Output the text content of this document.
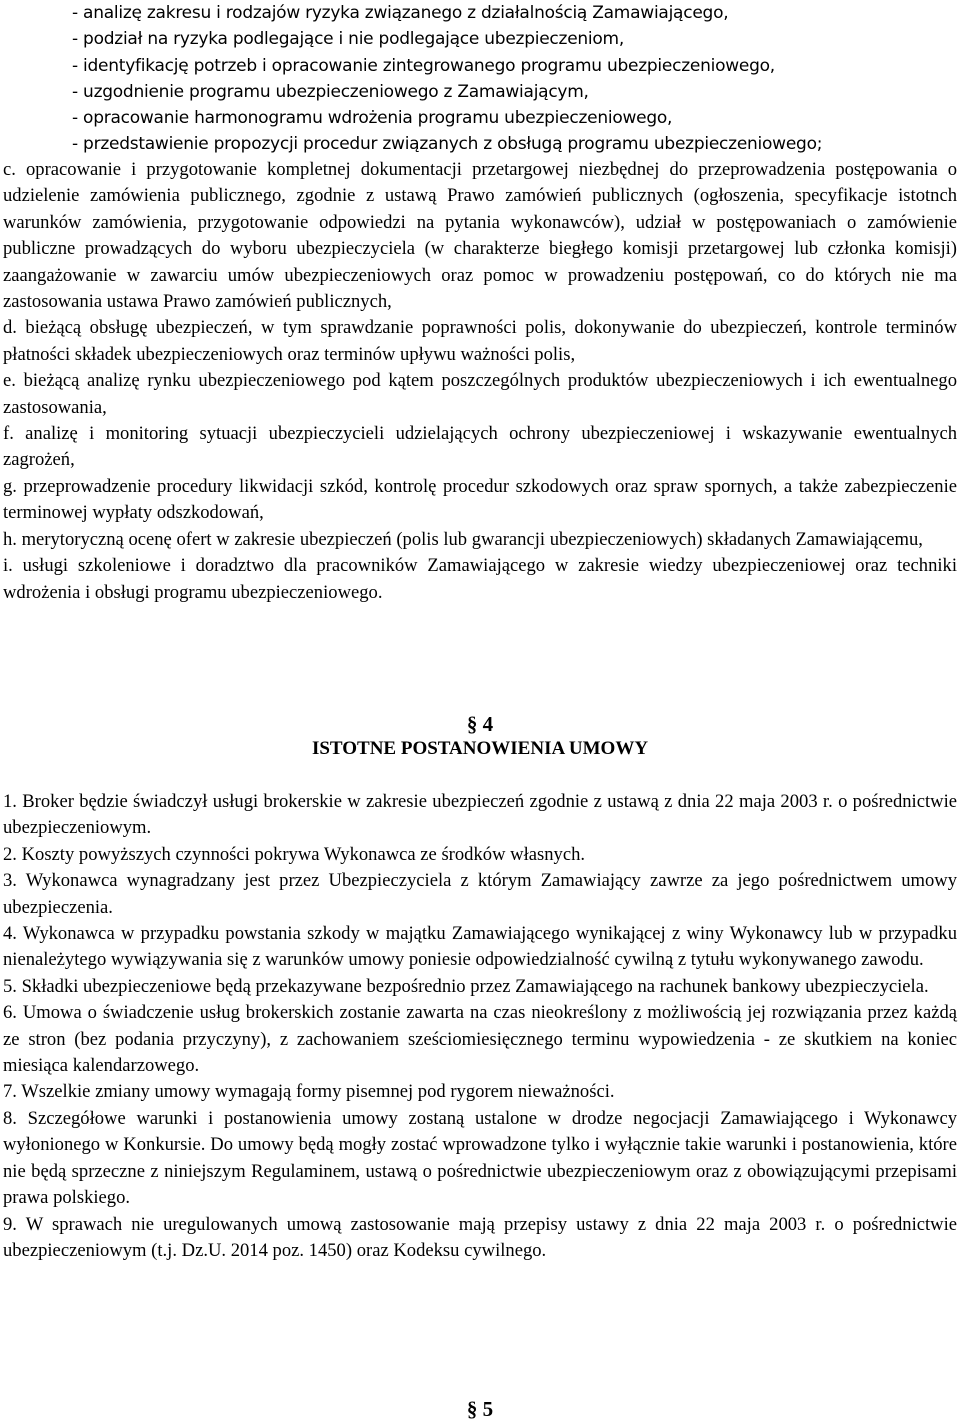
- analizę zakresu i rodzajów ryzyka związanego z działalnością Zamawiającego,
- podział na ryzyka podlegające i nie podlegające ubezpieczeniom,
- identyfikację potrzeb i opracowanie zintegrowanego programu ubezpieczeniowego,
- uzgodnienie programu ubezpieczeniowego z Zamawiającym,
- opracowanie harmonogramu wdrożenia programu ubezpieczeniowego,
- przedstawienie propozycji procedur związanych z obsługą programu ubezpieczeniowego;

c. opracowanie i przygotowanie kompletnej dokumentacji przetargowej niezbędnej do przeprowadzenia postępowania o udzielenie zamówienia publicznego, zgodnie z ustawą Prawo zamówień publicznych (ogłoszenia, specyfikacje istotnch warunków zamówienia, przygotowanie odpowiedzi na pytania wykonawców), udział w postępowaniach o zamówienie publiczne prowadzących do wyboru ubezpieczyciela (w charakterze biegłego komisji przetargowej lub członka komisji) zaangażowanie w zawarciu umów ubezpieczeniowych oraz pomoc w prowadzeniu postępowań, co do których nie ma zastosowania ustawa Prawo zamówień publicznych,

d. bieżącą obsługę ubezpieczeń, w tym sprawdzanie poprawności polis, dokonywanie do ubezpieczeń, kontrole terminów płatności składek ubezpieczeniowych oraz terminów upływu ważności polis,

e. bieżącą analizę rynku ubezpieczeniowego pod kątem poszczególnych produktów ubezpieczeniowych i ich ewentualnego zastosowania,

f. analizę i monitoring sytuacji ubezpieczycieli udzielających ochrony ubezpieczeniowej i wskazywanie ewentualnych zagrożeń,

g. przeprowadzenie procedury likwidacji szkód, kontrolę procedur szkodowych oraz spraw spornych, a także zabezpieczenie terminowej wypłaty odszkodowań,

h. merytoryczną ocenę ofert w zakresie ubezpieczeń (polis lub gwarancji ubezpieczeniowych) składanych Zamawiającemu,

i. usługi szkoleniowe i doradztwo dla pracowników Zamawiającego w zakresie wiedzy ubezpieczeniowej oraz techniki wdrożenia i obsługi programu ubezpieczeniowego.

§ 4
ISTOTNE POSTANOWIENIA UMOWY

1. Broker będzie świadczył usługi brokerskie w zakresie ubezpieczeń zgodnie z ustawą z dnia 22 maja 2003 r. o pośrednictwie ubezpieczeniowym.

2. Koszty powyższych czynności pokrywa Wykonawca ze środków własnych.

3. Wykonawca wynagradzany jest przez Ubezpieczyciela z którym Zamawiający zawrze za jego pośrednictwem umowy ubezpieczenia.

4. Wykonawca w przypadku powstania szkody w majątku Zamawiającego wynikającej z winy Wykonawcy lub w przypadku nienależytego wywiązywania się z warunków umowy poniesie odpowiedzialność cywilną z tytułu wykonywanego zawodu.

5. Składki ubezpieczeniowe będą przekazywane bezpośrednio przez Zamawiającego na rachunek bankowy ubezpieczyciela.

6. Umowa o świadczenie usług brokerskich zostanie zawarta na czas nieokreślony z możliwością jej rozwiązania przez każdą ze stron (bez podania przyczyny), z zachowaniem sześciomiesięcznego terminu wypowiedzenia - ze skutkiem na koniec miesiąca kalendarzowego.

7. Wszelkie zmiany umowy wymagają formy pisemnej pod rygorem nieważności.

8. Szczegółowe warunki i postanowienia umowy zostaną ustalone w drodze negocjacji Zamawiającego i Wykonawcy wyłonionego w Konkursie. Do umowy będą mogły zostać wprowadzone tylko i wyłącznie takie warunki i postanowienia, które nie będą sprzeczne z niniejszym Regulaminem, ustawą o pośrednictwie ubezpieczeniowym oraz z obowiązującymi przepisami prawa polskiego.

9. W sprawach nie uregulowanych umową zastosowanie mają przepisy ustawy z dnia 22 maja 2003 r. o pośrednictwie ubezpieczeniowym (t.j. Dz.U. 2014 poz. 1450) oraz Kodeksu cywilnego.

§ 5
